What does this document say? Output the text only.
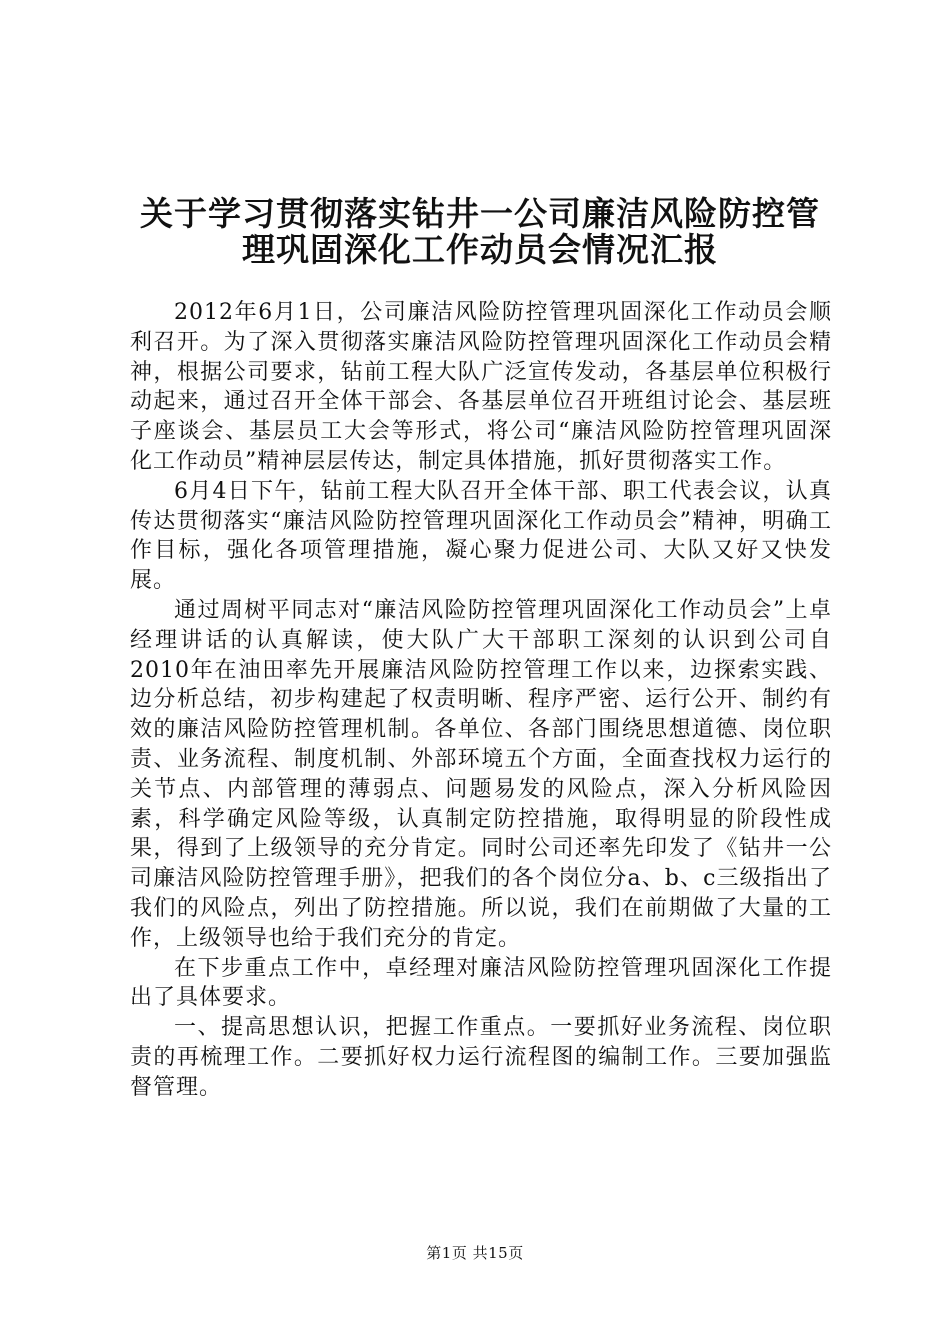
关于学习贯彻落实钻井一公司廉洁风险防控管
理巩固深化工作动员会情况汇报

2012年6月1日，公司廉洁风险防控管理巩固深化工作动员会顺利召开。为了深入贯彻落实廉洁风险防控管理巩固深化工作动员会精神，根据公司要求，钻前工程大队广泛宣传发动，各基层单位积极行动起来，通过召开全体干部会、各基层单位召开班组讨论会、基层班子座谈会、基层员工大会等形式，将公司“廉洁风险防控管理巩固深化工作动员”精神层层传达，制定具体措施，抓好贯彻落实工作。

6月4日下午，钻前工程大队召开全体干部、职工代表会议，认真传达贯彻落实“廉洁风险防控管理巩固深化工作动员会”精神，明确工作目标，强化各项管理措施，凝心聚力促进公司、大队又好又快发展。

通过周树平同志对“廉洁风险防控管理巩固深化工作动员会”上卓经理讲话的认真解读，使大队广大干部职工深刻的认识到公司自2010年在油田率先开展廉洁风险防控管理工作以来，边探索实践、边分析总结，初步构建起了权责明晰、程序严密、运行公开、制约有效的廉洁风险防控管理机制。各单位、各部门围绕思想道德、岗位职责、业务流程、制度机制、外部环境五个方面，全面查找权力运行的关节点、内部管理的薄弱点、问题易发的风险点，深入分析风险因素，科学确定风险等级，认真制定防控措施，取得明显的阶段性成果，得到了上级领导的充分肯定。同时公司还率先印发了《钻井一公司廉洁风险防控管理手册》，把我们的各个岗位分a、b、c三级指出了我们的风险点，列出了防控措施。所以说，我们在前期做了大量的工作，上级领导也给于我们充分的肯定。

在下步重点工作中，卓经理对廉洁风险防控管理巩固深化工作提出了具体要求。

一、提高思想认识，把握工作重点。一要抓好业务流程、岗位职责的再梳理工作。二要抓好权力运行流程图的编制工作。三要加强监督管理。

第1页 共15页
